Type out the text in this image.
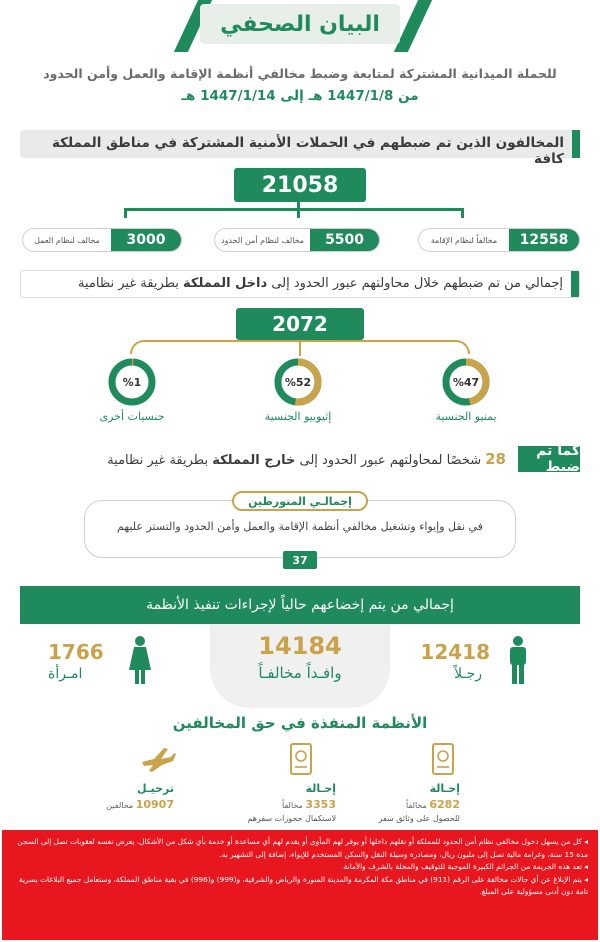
البيان الصحفي
للحملة الميدانية المشتركة لمتابعة وضبط مخالفي أنظمة الإقامة والعمل وأمن الحدود
من 1447/1/8 هـ إلى 1447/1/14 هـ
المخالفون الذين تم ضبطهم في الحملات الأمنية المشتركة في مناطق المملكة كافة
21058
12558
مخالفاً لنظام الإقامة
5500
مخالف لنظام أمن الحدود
3000
مخالف لنظام العمل
إجمالي من تم ضبطهم خلال محاولتهم عبور الحدود إلى داخل المملكة بطريقة غير نظامية
2072
%47
%52
%1
يمنيو الجنسية
إثيوبيو الجنسية
جنسيات أخرى
كما تم ضبط
28شخصًا لمحاولتهم عبور الحدود إلى خارج المملكة بطريقة غير نظامية
إجمالـي المتورطين
في نقل وإيواء وتشغيل مخالفي أنظمة الإقامة والعمل وأمن الحدود والتستر عليهم
37
إجمالي من يتم إخضاعهم حالياً لإجراءات تنفيذ الأنظمة
12418
رجـلاً
14184
وافـداً مخالفـاً
1766
امـرأة
الأنظمة المنفذة في حق المخالفين
إحـالة
6282 مخالفاً
للحصول على وثائق سفر
إحـالة
3353 مخالفاً
لاستكمال حجوزات سفرهم
ترحيـل
10907 مخالفين

◂ كل من يسهل دخول مخالفي نظام أمن الحدود للمملكة أو نقلهم داخلها أو يوفر لهم المأوى أو يقدم لهم أي مساعدة أو خدمة بأي شكل من الأشكال، يعرض نفسه لعقوبات تصل إلى السجن مدة 15 سنة، وغرامة مالية تصل إلى مليون ريال، ومصادرة وسيلة النقل والسكن المستخدم للإيواء، إضافة إلى التشهير به.

◂ تعد هذه الجريمة من الجرائم الكبيرة الموجبة للتوقيف والمخلة بالشرف والأمانة.

◂ يتم الإبلاغ عن أي حالات مخالفة على الرقم (911) في مناطق مكة المكرمة والمدينة المنورة والرياض والشرقية، و(999) و(996) في بقية مناطق المملكة، وستعامل جميع البلاغات بسرية تامة دون أدنى مسؤولية على المبلغ.
